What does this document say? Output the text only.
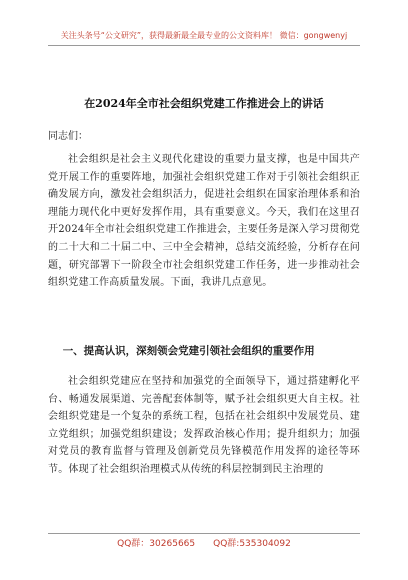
关注头条号“公文研究”，获得最新最全最专业的公文资料库！ 微信：gongwenyj
在2024年全市社会组织党建工作推进会上的讲话
同志们：

社会组织是社会主义现代化建设的重要力量支撑，也是中国共产党开展工作的重要阵地，加强社会组织党建工作对于引领社会组织正确发展方向，激发社会组织活力，促进社会组织在国家治理体系和治理能力现代化中更好发挥作用，具有重要意义。今天，我们在这里召开2024年全市社会组织党建工作推进会，主要任务是深入学习贯彻党的二十大和二十届二中、三中全会精神，总结交流经验，分析存在问题，研究部署下一阶段全市社会组织党建工作任务，进一步推动社会组织党建工作高质量发展。下面，我讲几点意见。

一、提高认识，深刻领会党建引领社会组织的重要作用

社会组织党建应在坚持和加强党的全面领导下，通过搭建孵化平台、畅通发展渠道、完善配套体制等，赋予社会组织更大自主权。社会组织党建是一个复杂的系统工程，包括在社会组织中发展党员、建立党组织；加强党组织建设；发挥政治核心作用；提升组织力；加强对党员的教育监督与管理及创新党员先锋模范作用发挥的途径等环节。体现了社会组织治理模式从传统的科层控制到民主治理的

QQ群：30265665　　QQ群:535304092
